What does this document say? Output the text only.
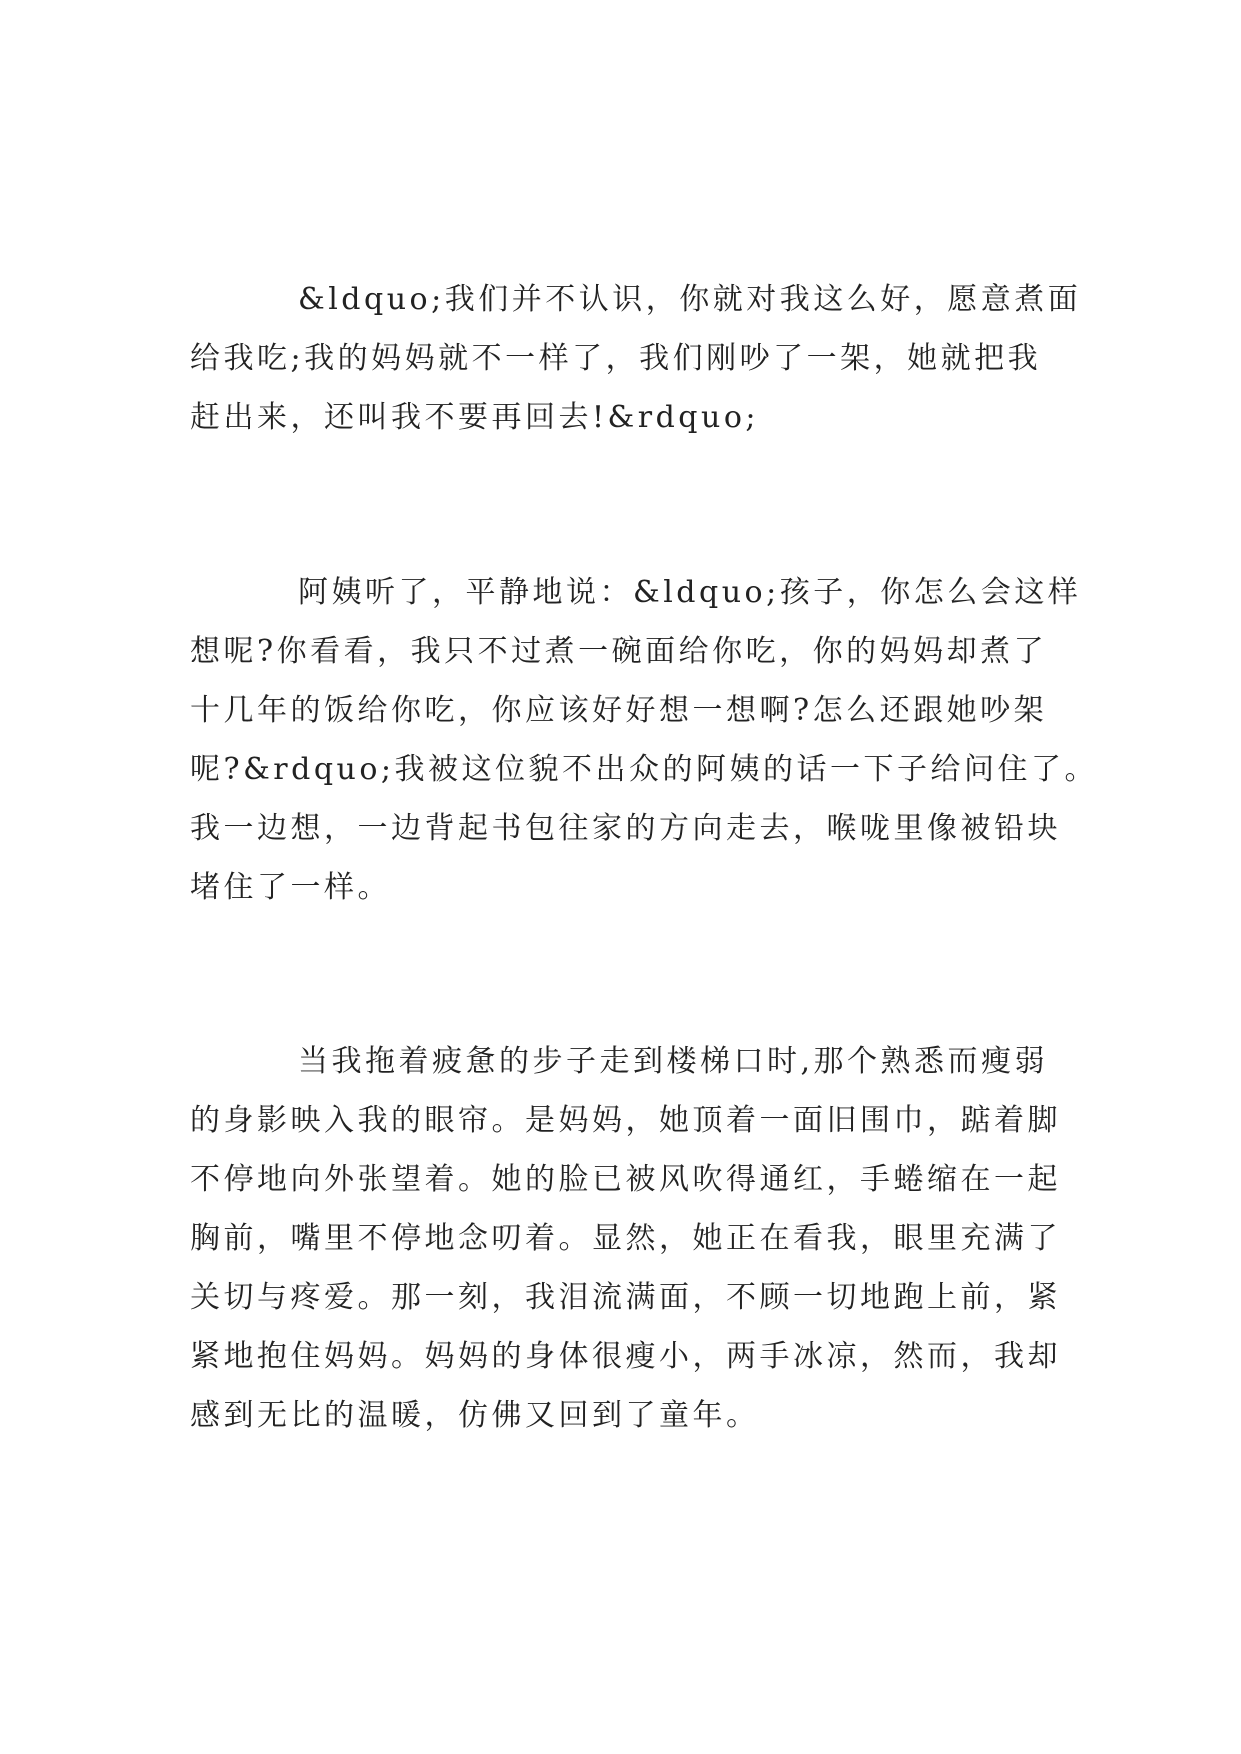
&ldquo;我们并不认识，你就对我这么好，愿意煮面
给我吃;我的妈妈就不一样了，我们刚吵了一架，她就把我
赶出来，还叫我不要再回去!&rdquo;
阿姨听了，平静地说：&ldquo;孩子，你怎么会这样
想呢?你看看，我只不过煮一碗面给你吃，你的妈妈却煮了
十几年的饭给你吃，你应该好好想一想啊?怎么还跟她吵架
呢?&rdquo;我被这位貌不出众的阿姨的话一下子给问住了。
我一边想，一边背起书包往家的方向走去，喉咙里像被铅块
堵住了一样。
当我拖着疲惫的步子走到楼梯口时,那个熟悉而瘦弱
的身影映入我的眼帘。是妈妈，她顶着一面旧围巾，踮着脚
不停地向外张望着。她的脸已被风吹得通红，手蜷缩在一起
胸前，嘴里不停地念叨着。显然，她正在看我，眼里充满了
关切与疼爱。那一刻，我泪流满面，不顾一切地跑上前，紧
紧地抱住妈妈。妈妈的身体很瘦小，两手冰凉，然而，我却
感到无比的温暖，仿佛又回到了童年。
